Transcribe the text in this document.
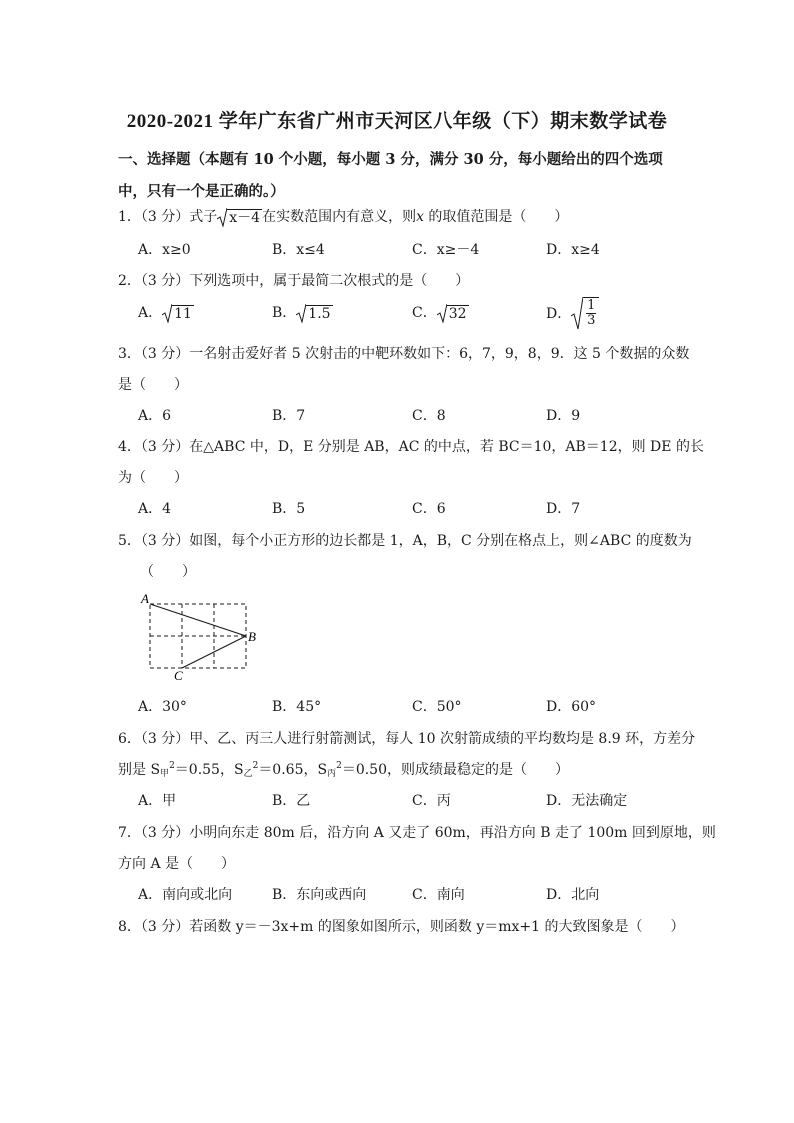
2020-2021 学年广东省广州市天河区八年级（下）期末数学试卷
一、选择题（本题有 10 个小题，每小题 3 分，满分 30 分，每小题给出的四个选项中，只有一个是正确的。）
1．（3 分）式子 x－4 在实数范围内有意义，则x 的取值范围是（　　）
A．x≥0	B．x≤4	C．x≥－4	D．x≥4
2．（3 分）下列选项中，属于最简二次根式的是（　　）
A． 11	B． 1.5	C． 32	D． $\frac{1}{3}$
3．（3 分）一名射击爱好者 5 次射击的中靶环数如下：6，7，9，8，9．这 5 个数据的众数
是（　　）
A．6	B．7	C．8	D．9
4．（3 分）在△ABC 中，D，E 分别是 AB，AC 的中点，若 BC＝10，AB＝12，则 DE 的长
为（　　）
A．4	B．5	C．6	D．7
5．（3 分）如图，每个小正方形的边长都是 1，A，B，C 分别在格点上，则∠ABC 的度数为
（　　）
A
B
C
A．30°	B．45°	C．50°	D．60°
6．（3 分）甲、乙、丙三人进行射箭测试，每人 10 次射箭成绩的平均数均是 8.9 环，方差分
别是 $S_甲^2=0.55$，$S_乙^2=0.65$，$S_丙^2=0.50$，则成绩最稳定的是（　　）
A．甲	B．乙	C．丙	D．无法确定
7．（3 分）小明向东走 80m 后，沿方向 A 又走了 60m，再沿方向 B 走了 100m 回到原地，则
方向 A 是（　　）
A．南向或北向	B．东向或西向	C．南向	D．北向
8．（3 分）若函数 y＝－3x+m 的图象如图所示，则函数 y＝mx+1 的大致图象是（　　）
